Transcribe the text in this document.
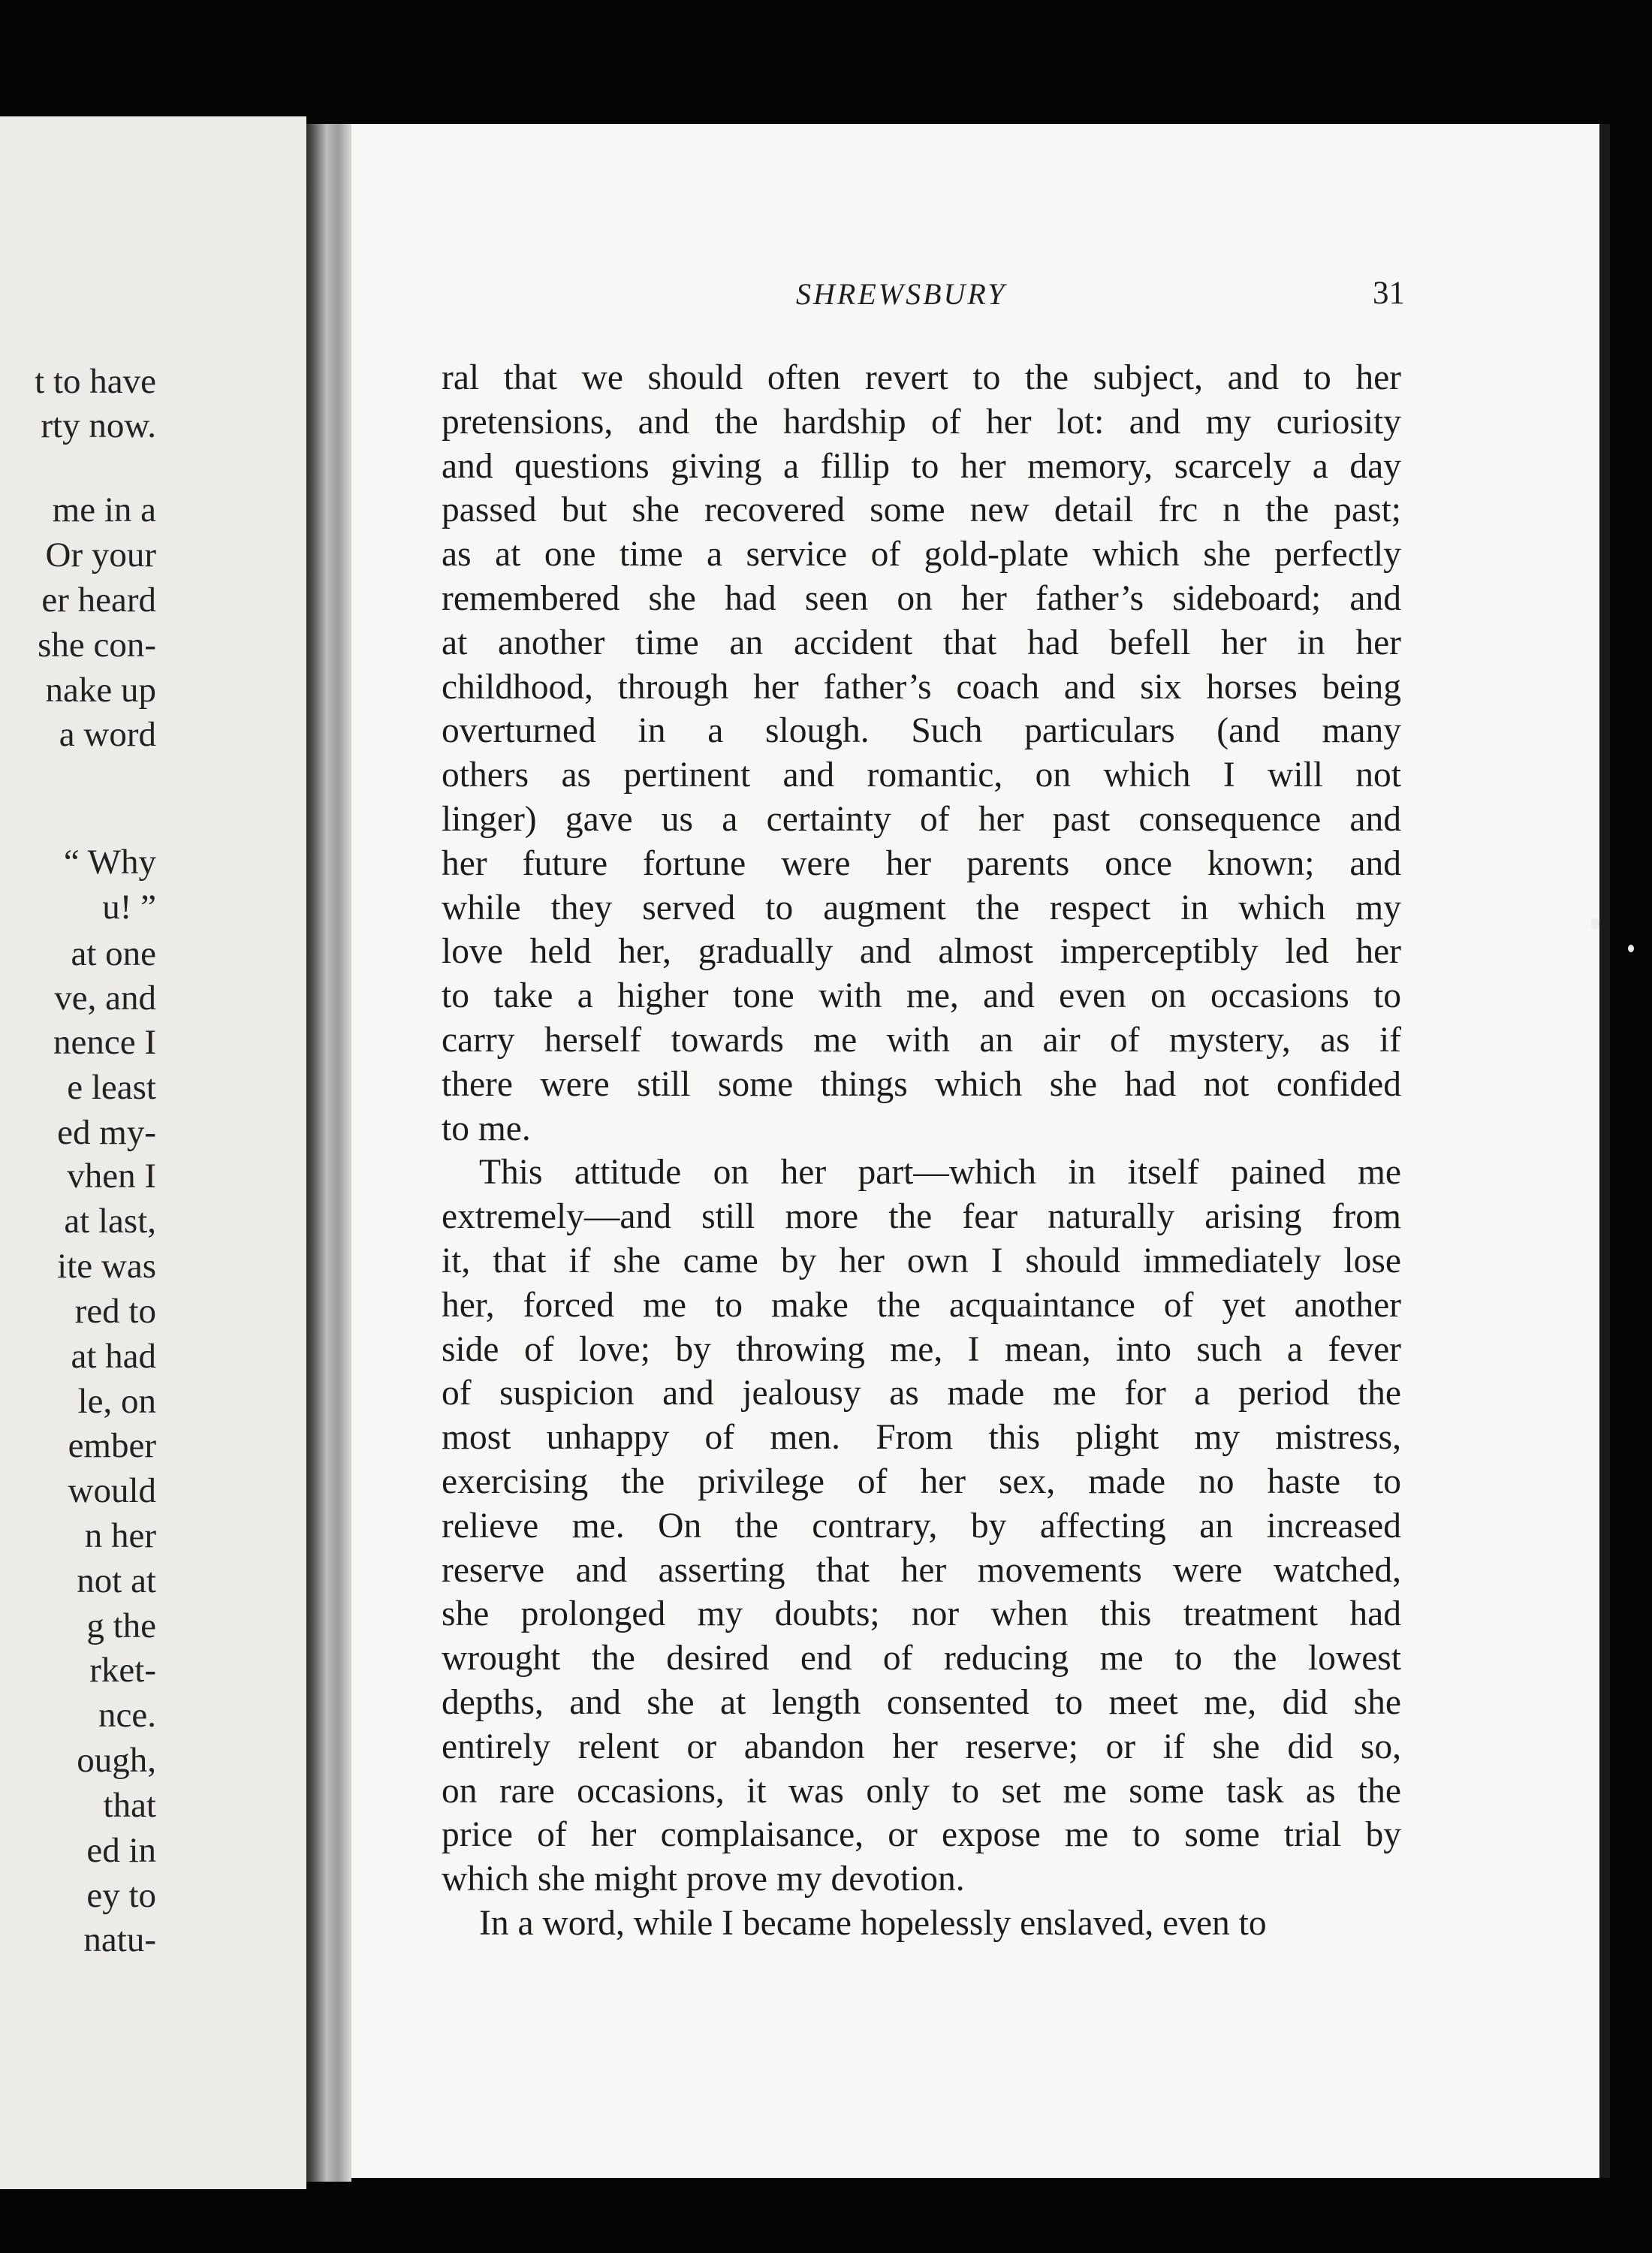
t to have
rty now.
me in a
Or your
er heard
she con-
nake up
a word
“ Why
u! ”
at one
ve, and
nence I
e least
ed my-
vhen I
at last,
ite was
red to
at had
le, on
ember
would
n her
not at
g the
rket-
nce.
ough,
that
ed in
ey to
natu-
SHREWSBURY	31
ral that we should often revert to the subject, and to her
pretensions, and the hardship of her lot: and my curiosity
and questions giving a fillip to her memory, scarcely a day
passed but she recovered some new detail frc n the past;
as at one time a service of gold-plate which she perfectly
remembered she had seen on her father’s sideboard; and
at another time an accident that had befell her in her
childhood, through her father’s coach and six horses being
overturned in a slough. Such particulars (and many
others as pertinent and romantic, on which I will not
linger) gave us a certainty of her past consequence and
her future fortune were her parents once known; and
while they served to augment the respect in which my
love held her, gradually and almost imperceptibly led her
to take a higher tone with me, and even on occasions to
carry herself towards me with an air of mystery, as if
there were still some things which she had not confided
to me.
This attitude on her part—which in itself pained me
extremely—and still more the fear naturally arising from
it, that if she came by her own I should immediately lose
her, forced me to make the acquaintance of yet another
side of love; by throwing me, I mean, into such a fever
of suspicion and jealousy as made me for a period the
most unhappy of men. From this plight my mistress,
exercising the privilege of her sex, made no haste to
relieve me. On the contrary, by affecting an increased
reserve and asserting that her movements were watched,
she prolonged my doubts; nor when this treatment had
wrought the desired end of reducing me to the lowest
depths, and she at length consented to meet me, did she
entirely relent or abandon her reserve; or if she did so,
on rare occasions, it was only to set me some task as the
price of her complaisance, or expose me to some trial by
which she might prove my devotion.
In a word, while I became hopelessly enslaved, even to
